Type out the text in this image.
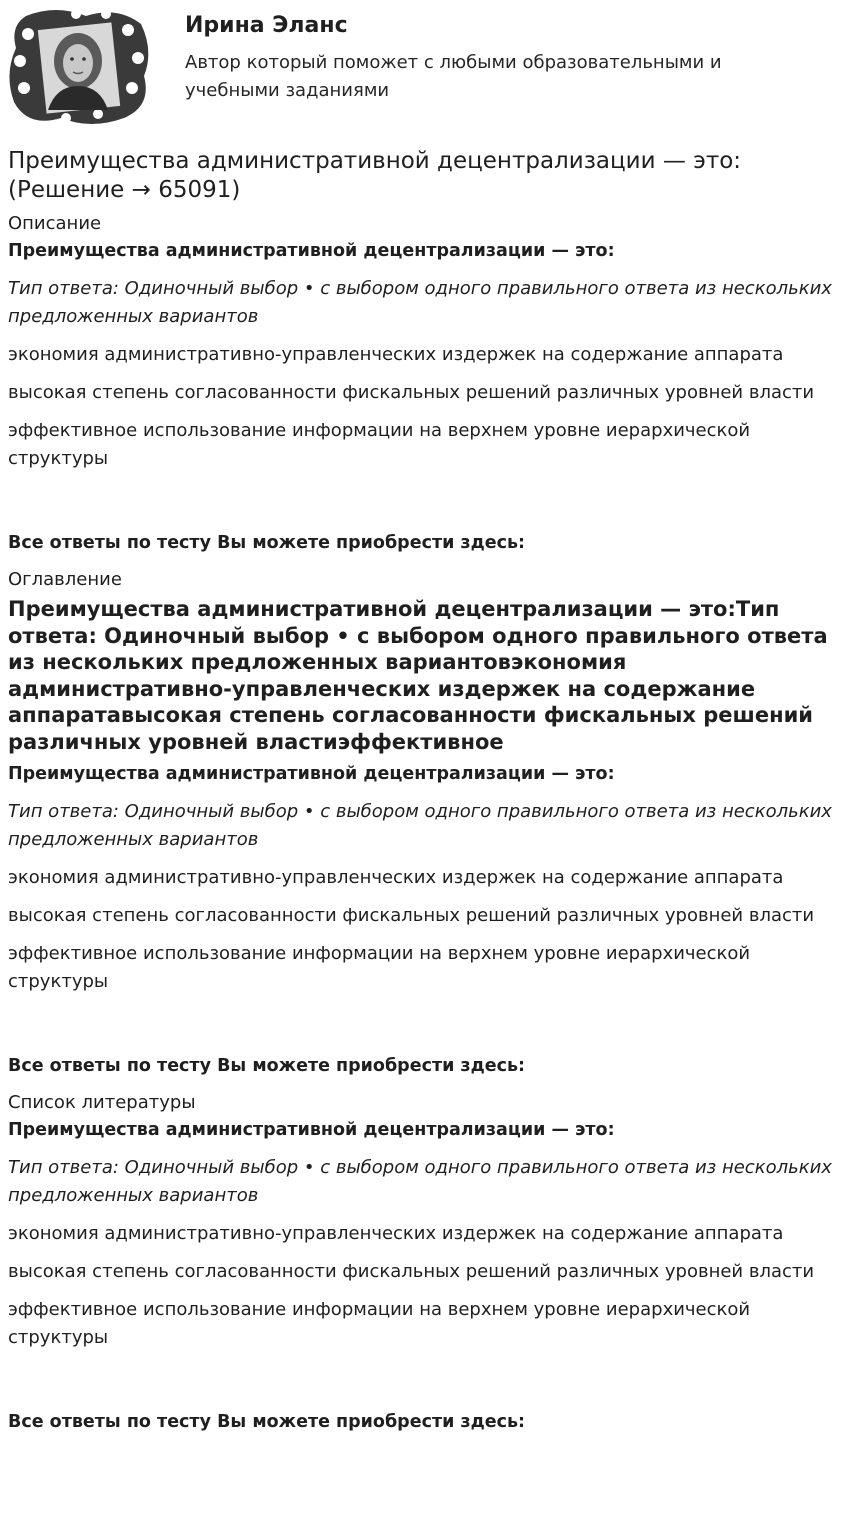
Ирина Эланс

Автор который поможет с любыми образовательными и учебными заданиями

Преимущества административной децентрализации — это: (Решение → 65091)
Описание
Преимущества административной децентрализации — это:
Тип ответа: Одиночный выбор • с выбором одного правильного ответа из нескольких предложенных вариантов
экономия административно-управленческих издержек на содержание аппарата
высокая степень согласованности фискальных решений различных уровней власти
эффективное использование информации на верхнем уровне иерархической структуры
Все ответы по тесту Вы можете приобрести здесь:
Оглавление
Преимущества административной децентрализации — это:Тип ответа: Одиночный выбор • с выбором одного правильного ответа из нескольких предложенных вариантовэкономия административно-управленческих издержек на содержание аппаратавысокая степень согласованности фискальных решений различных уровней властиэффективное
Преимущества административной децентрализации — это:
Тип ответа: Одиночный выбор • с выбором одного правильного ответа из нескольких предложенных вариантов
экономия административно-управленческих издержек на содержание аппарата
высокая степень согласованности фискальных решений различных уровней власти
эффективное использование информации на верхнем уровне иерархической структуры
Все ответы по тесту Вы можете приобрести здесь:
Список литературы
Преимущества административной децентрализации — это:
Тип ответа: Одиночный выбор • с выбором одного правильного ответа из нескольких предложенных вариантов
экономия административно-управленческих издержек на содержание аппарата
высокая степень согласованности фискальных решений различных уровней власти
эффективное использование информации на верхнем уровне иерархической структуры
Все ответы по тесту Вы можете приобрести здесь:
